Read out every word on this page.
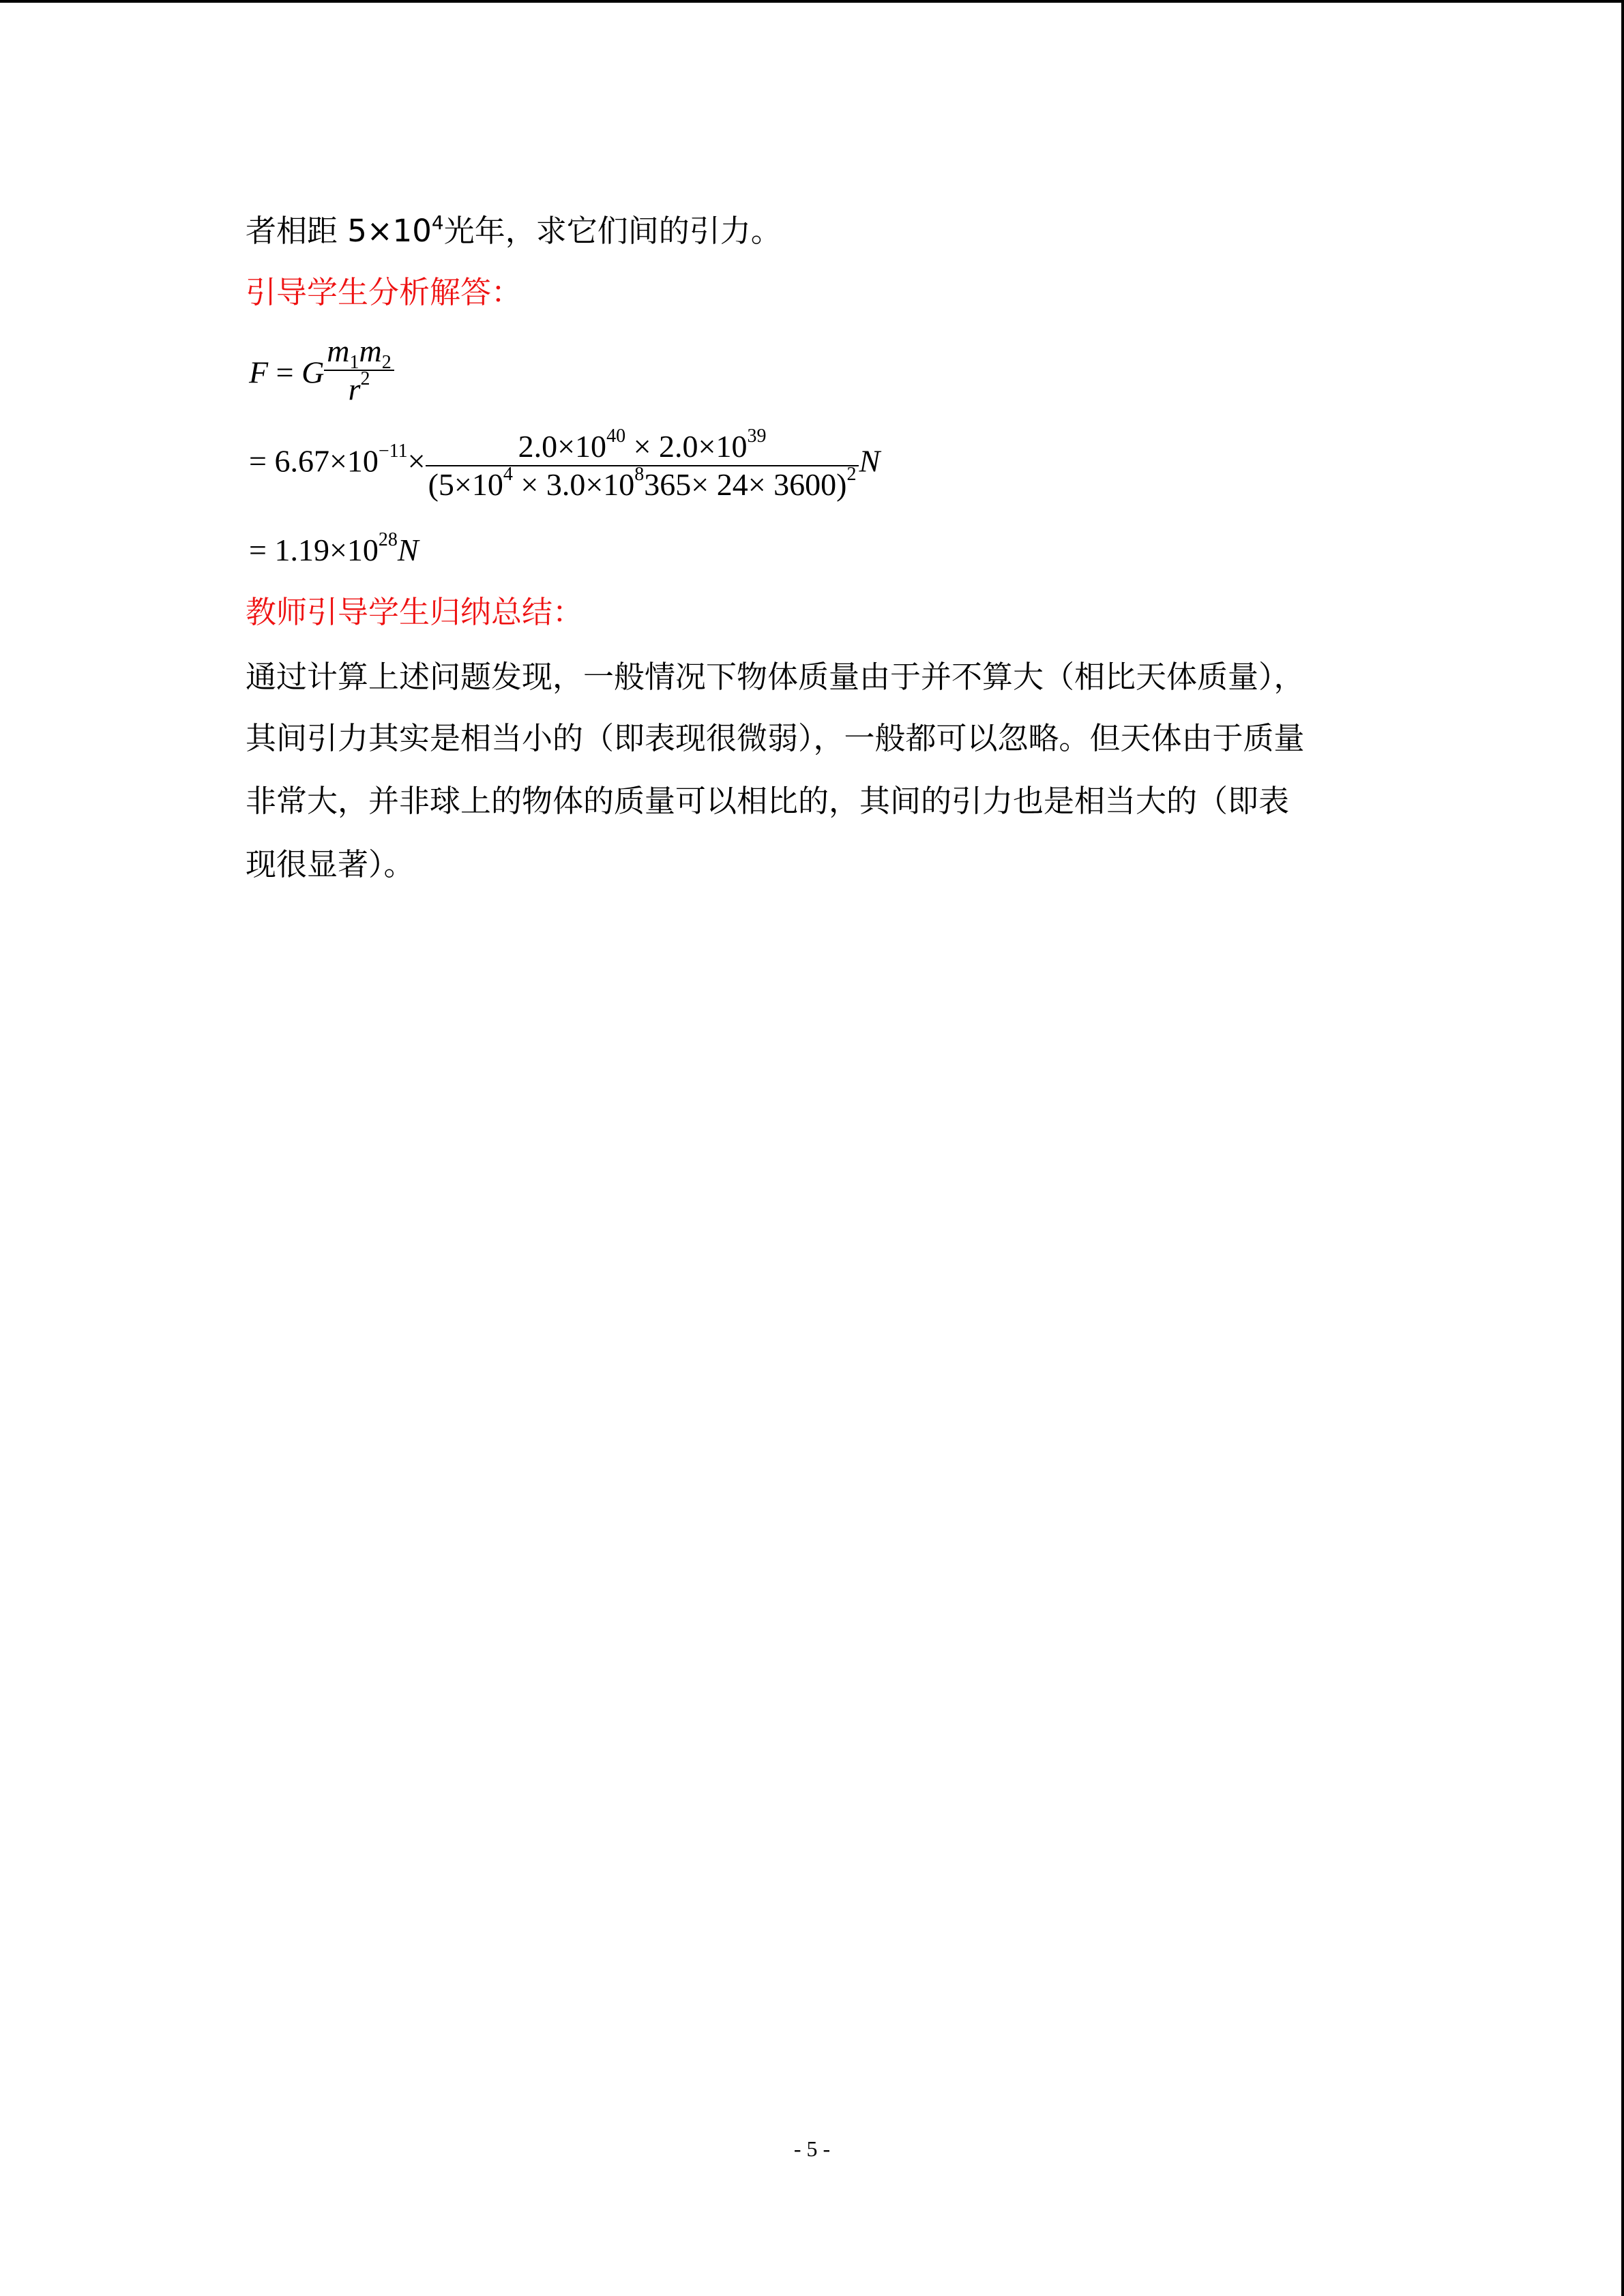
者相距 $5\times 10^4$光年，求它们间的引力。
引导学生分析解答：
F = G $\frac{m_1m_2}{r^2}$
= $6.67\times 10^{-11}\times \frac{2.0\times 10^{40} \times 2.0\times 10^{39}}{(5\times 10^4 \times 3.0\times 10^8365\times 24\times 3600)^2}$ N
= $1.19\times 10^{28}N$
教师引导学生归纳总结：
通过计算上述问题发现，一般情况下物体质量由于并不算大（相比天体质量），
其间引力其实是相当小的（即表现很微弱），一般都可以忽略。但天体由于质量
非常大，并非球上的物体的质量可以相比的，其间的引力也是相当大的（即表
现很显著）。
- 5 -
